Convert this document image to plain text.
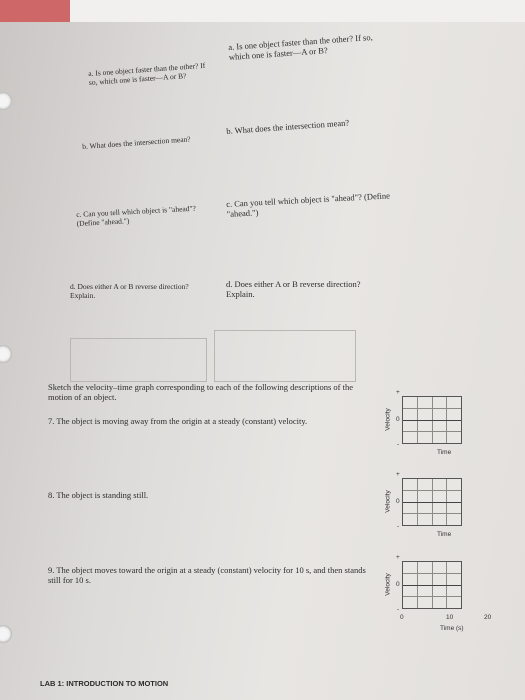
a. Is one object faster than the other? If so, which one is faster—A or B?
b. What does the intersection mean?
c. Can you tell which object is "ahead"? (Define "ahead.")
d. Does either A or B reverse direction? Explain.
a. Is one object faster than the other? If so, which one is faster—A or B?
b. What does the intersection mean?
c. Can you tell which object is "ahead"? (Define "ahead.")
d. Does either A or B reverse direction? Explain.
Sketch the velocity–time graph corresponding to each of the following descriptions of the motion of an object.
7. The object is moving away from the origin at a steady (constant) velocity.
8. The object is standing still.
9. The object moves toward the origin at a steady (constant) velocity for 10 s, and then stands still for 10 s.
+
0
-
Velocity
Time
+
0
-
Velocity
Time
+
0
-
Velocity
0	10	20
Time (s)
LAB 1: INTRODUCTION TO MOTION
